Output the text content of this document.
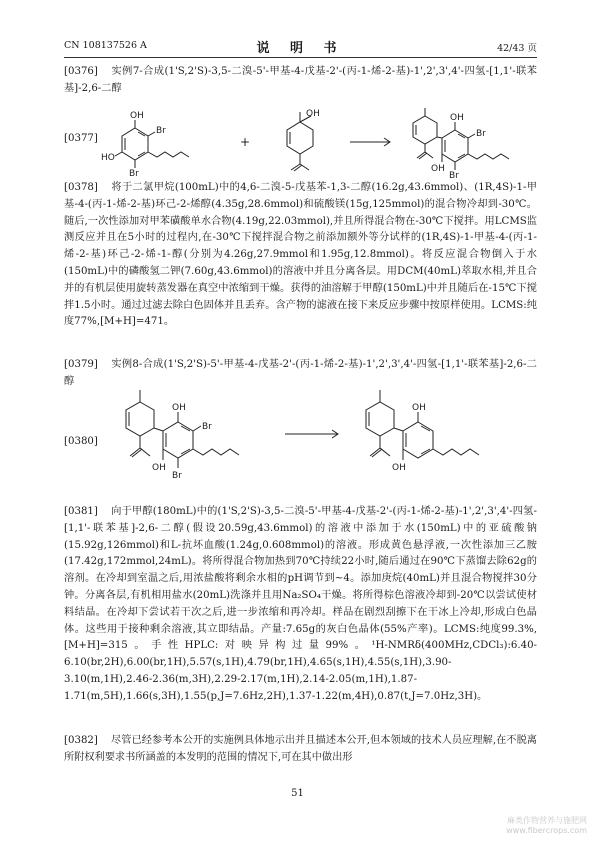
CN 108137526 A	说 明 书	42/43 页

[0376] 实例7-合成(1'S,2'S)-3,5-二溴-5'-甲基-4-戊基-2'-(丙-1-烯-2-基)-1',2',3',4'-四氢-[1,1'-联苯基]-2,6-二醇

[0377]
OH
Br
HO
Br
+
OH	OH
Br
OH
Br

[0378] 将于二氯甲烷(100mL)中的4,6-二溴-5-戊基苯-1,3-二醇(16.2g,43.6mmol)、(1R,4S)-1-甲基-4-(丙-1-烯-2-基)环己-2-烯醇(4.35g,28.6mmol)和硫酸镁(15g,125mmol)的混合物冷却到-30℃。随后,一次性添加对甲苯磺酸单水合物(4.19g,22.03mmol),并且所得混合物在-30℃下搅拌。用LCMS监测反应并且在5小时的过程内,在-30℃下搅拌混合物之前添加额外等分试样的(1R,4S)-1-甲基-4-(丙-1-烯-2-基)环己-2-烯-1-醇(分别为4.26g,27.9mmol和1.95g,12.8mmol)。将反应混合物倒入于水(150mL)中的磷酸氢二钾(7.60g,43.6mmol)的溶液中并且分离各层。用DCM(40mL)萃取水相,并且合并的有机层使用旋转蒸发器在真空中浓缩到干燥。获得的油溶解于甲醇(150mL)中并且随后在-15℃下搅拌1.5小时。通过过滤去除白色固体并且丢弃。含产物的滤液在接下来反应步骤中按原样使用。LCMS:纯度77%,[M+H]=471。

[0379] 实例8-合成(1'S,2'S)-5'-甲基-4-戊基-2'-(丙-1-烯-2-基)-1',2',3',4'-四氢-[1,1'-联苯基]-2,6-二醇

[0380]
OH
Br
OH
Br
OH
OH

[0381] 向于甲醇(180mL)中的(1'S,2'S)-3,5-二溴-5'-甲基-4-戊基-2'-(丙-1-烯-2-基)-1',2',3',4'-四氢-[1,1'-联苯基]-2,6-二醇(假设20.59g,43.6mmol)的溶液中添加于水(150mL)中的亚硫酸钠(15.92g,126mmol)和L-抗坏血酸(1.24g,0.608mmol)的溶液。形成黄色悬浮液,一次性添加三乙胺(17.42g,172mmol,24mL)。将所得混合物加热到70℃持续22小时,随后通过在90℃下蒸馏去除62g的溶剂。在冷却到室温之后,用浓盐酸将剩余水相的pH调节到~4。添加庚烷(40mL)并且混合物搅拌30分钟。分离各层,有机相用盐水(20mL)洗涤并且用Na₂SO₄干燥。将所得棕色溶液冷却到-20℃以尝试使材料结晶。在冷却下尝试若干次之后,进一步浓缩和再冷却。样品在剧烈刮擦下在干冰上冷却,形成白色晶体。这些用于接种剩余溶液,其立即结晶。产量:7.65g的灰白色晶体(55%产率)。LCMS:纯度99.3%,[M+H]=315。手性HPLC:对映异构过量99%。¹H-NMRδ(400MHz,CDCl₃):6.40-6.10(br,2H),6.00(br,1H),5.57(s,1H),4.79(br,1H),4.65(s,1H),4.55(s,1H),3.90-3.10(m,1H),2.46-2.36(m,3H),2.29-2.17(m,1H),2.14-2.05(m,1H),1.87-1.71(m,5H),1.66(s,3H),1.55(p,J=7.6Hz,2H),1.37-1.22(m,4H),0.87(t,J=7.0Hz,3H)。

[0382] 尽管已经参考本公开的实施例具体地示出并且描述本公开,但本领域的技术人员应理解,在不脱离所附权利要求书所涵盖的本发明的范围的情况下,可在其中做出形

51
麻类作物营养与施肥网
www.fibercrops.com
